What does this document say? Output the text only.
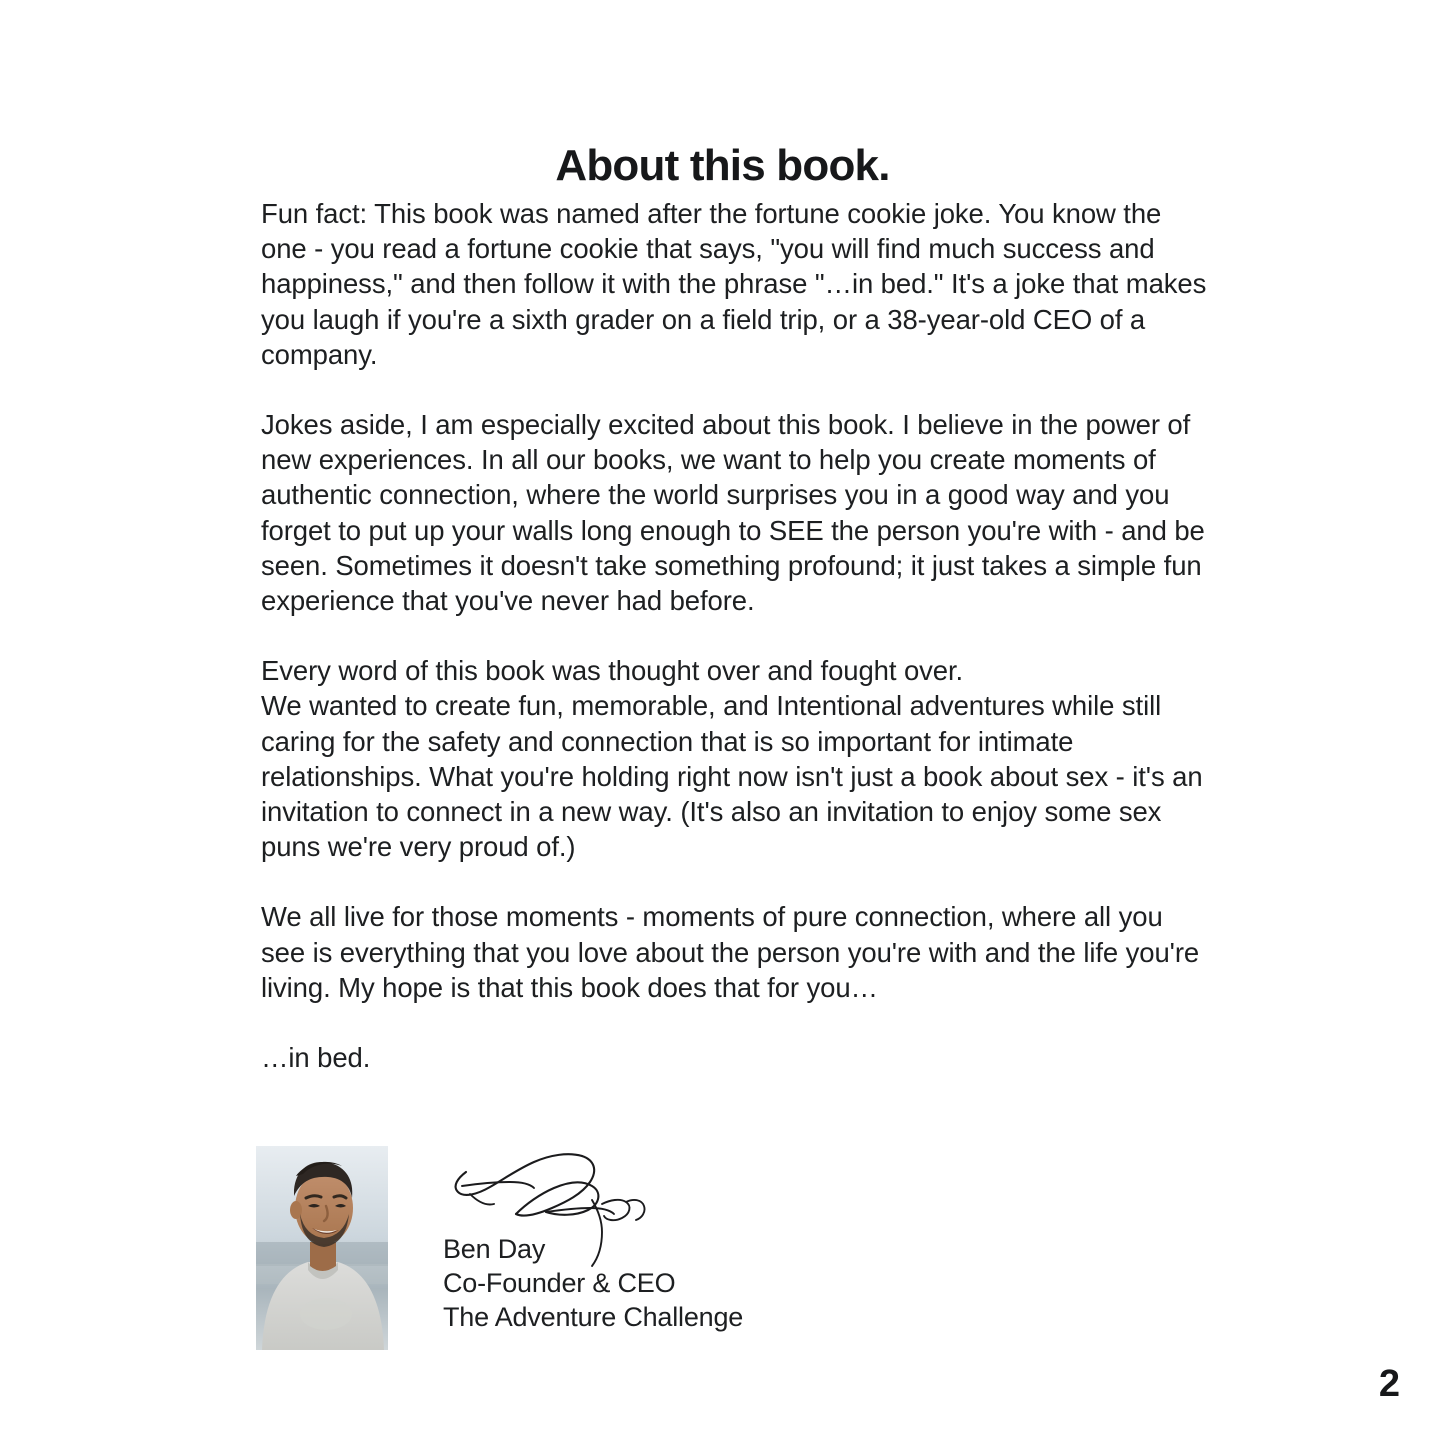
About this book.

Fun fact: This book was named after the fortune cookie joke. You know the one - you read a fortune cookie that says, "you will find much success and happiness," and then follow it with the phrase "…in bed." It's a joke that makes you laugh if you're a sixth grader on a field trip, or a 38-year-old CEO of a company.

Jokes aside, I am especially excited about this book. I believe in the power of new experiences. In all our books, we want to help you create moments of authentic connection, where the world surprises you in a good way and you forget to put up your walls long enough to SEE the person you're with - and be seen. Sometimes it doesn't take something profound; it just takes a simple fun experience that you've never had before.

Every word of this book was thought over and fought over.
We wanted to create fun, memorable, and Intentional adventures while still caring for the safety and connection that is so important for intimate relationships. What you're holding right now isn't just a book about sex - it's an invitation to connect in a new way. (It's also an invitation to enjoy some sex puns we're very proud of.)

We all live for those moments - moments of pure connection, where all you see is everything that you love about the person you're with and the life you're living. My hope is that this book does that for you…

…in bed.

Ben Day
Co-Founder & CEO
The Adventure Challenge
2
